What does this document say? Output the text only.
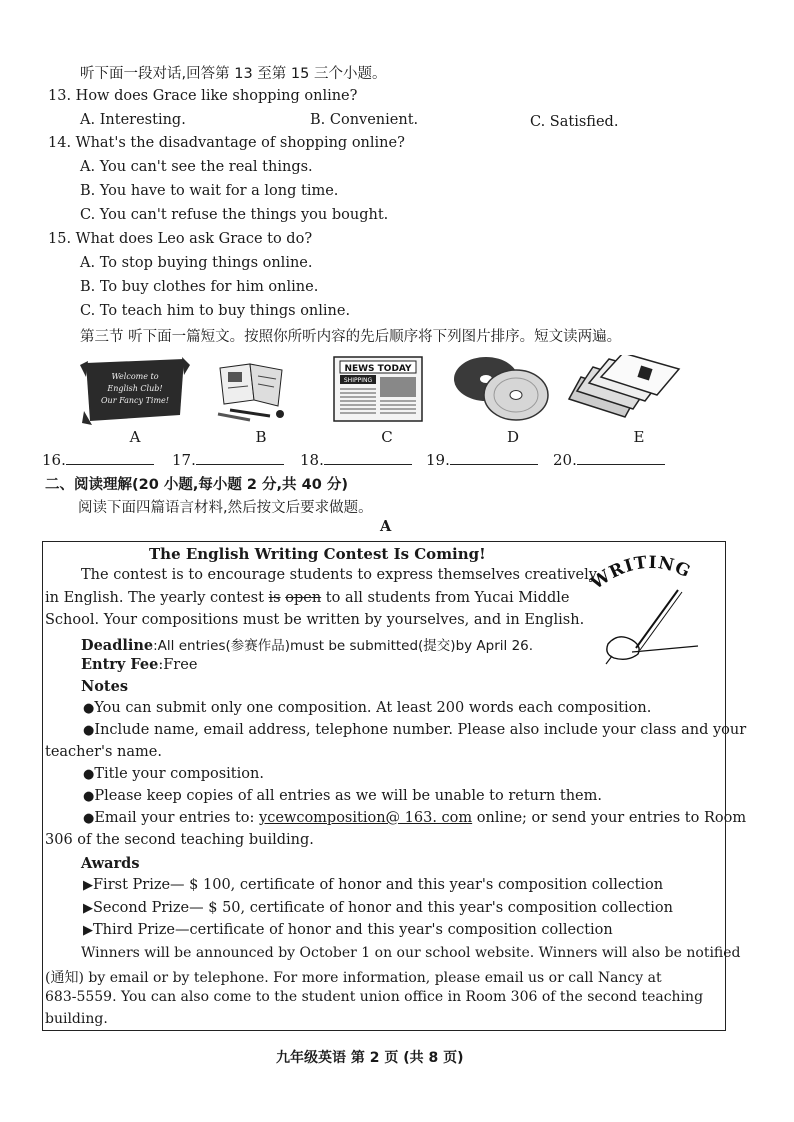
听下面一段对话,回答第 13 至第 15 三个小题。
13. How does Grace like shopping online?
A. Interesting.	B. Convenient.	C. Satisfied.
14. What's the disadvantage of shopping online?
A. You can't see the real things.
B. You have to wait for a long time.
C. You can't refuse the things you bought.
15. What does Leo ask Grace to do?
A. To stop buying things online.
B. To buy clothes for him online.
C. To teach him to buy things online.
第三节 听下面一篇短文。按照你所听内容的先后顺序将下列图片排序。短文读两遍。
Welcome to
English Club!
Our Fancy Time!
NEWS TODAY
SHIPPING
A	B	C	D	E
16.	17.	18.	19.	20.
二、阅读理解(20 小题,每小题 2 分,共 40 分)
阅读下面四篇语言材料,然后按文后要求做题。
A
The English Writing Contest Is Coming!
The contest is to encourage students to express themselves creatively
in English. The yearly contest is open to all students from Yucai Middle
School. Your compositions must be written by yourselves, and in English.
WRITING
Deadline:All entries(参赛作品)must be submitted(提交)by April 26.
Entry Fee:Free
Notes
●You can submit only one composition. At least 200 words each composition.
●Include name, email address, telephone number. Please also include your class and your
teacher's name.
●Title your composition.
●Please keep copies of all entries as we will be unable to return them.
●Email your entries to: ycewcomposition@ 163. com online; or send your entries to Room
306 of the second teaching building.
Awards
▶First Prize— $ 100, certificate of honor and this year's composition collection
▶Second Prize— $ 50, certificate of honor and this year's composition collection
▶Third Prize—certificate of honor and this year's composition collection
Winners will be announced by October 1 on our school website. Winners will also be notified
(通知) by email or by telephone. For more information, please email us or call Nancy at
683-5559. You can also come to the student union office in Room 306 of the second teaching
building.
九年级英语 第 2 页 (共 8 页)
